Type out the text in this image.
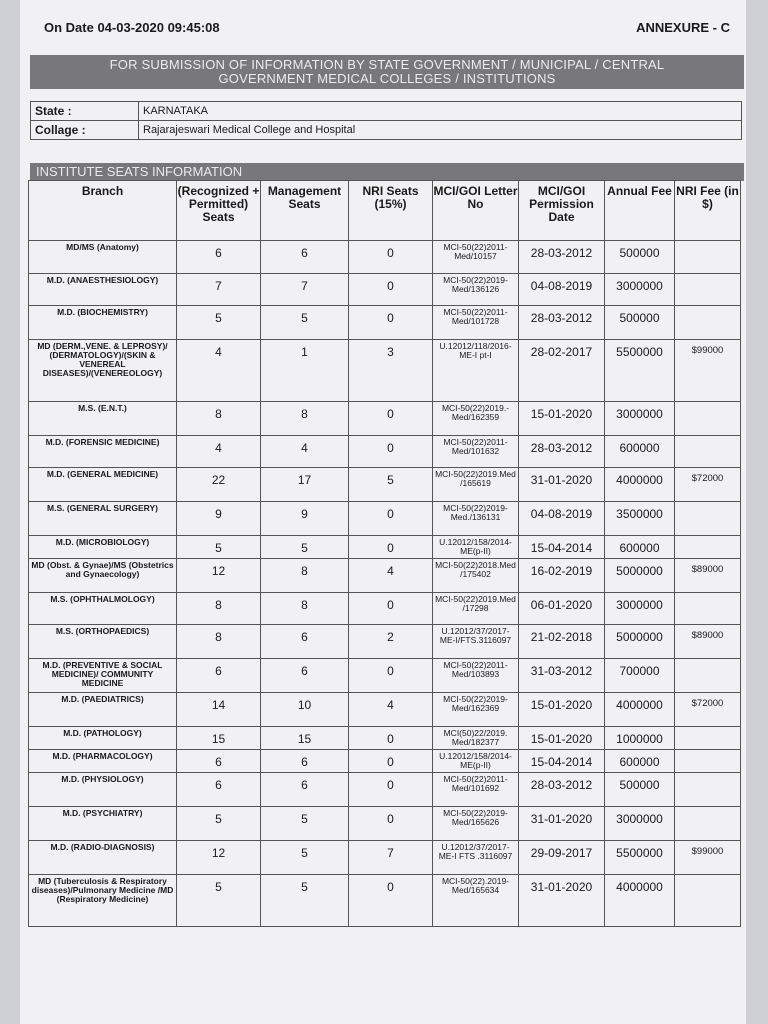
On Date 04-03-2020 09:45:08	ANNEXURE - C
FOR SUBMISSION OF INFORMATION BY STATE GOVERNMENT / MUNICIPAL / CENTRAL
GOVERNMENT MEDICAL COLLEGES / INSTITUTIONS
State :	KARNATAKA
Collage :	Rajarajeswari Medical College and Hospital
INSTITUTE SEATS INFORMATION
Branch	(Recognized + Permitted) Seats	Management Seats	NRI Seats (15%)	MCI/GOI Letter No	MCI/GOI Permission Date	Annual Fee	NRI Fee (in $)
MD/MS (Anatomy)	6	6	0	MCI-50(22)2011-Med/10157	28-03-2012	500000	
M.D. (ANAESTHESIOLOGY)	7	7	0	MCI-50(22)2019-Med/136126	04-08-2019	3000000	
M.D. (BIOCHEMISTRY)	5	5	0	MCI-50(22)2011-Med/101728	28-03-2012	500000	
MD (DERM.,VENE. & LEPROSY)/ (DERMATOLOGY)/(SKIN & VENEREAL DISEASES)/(VENEREOLOGY)	4	1	3	U.12012/118/2016-ME-I pt-I	28-02-2017	5500000	$99000
M.S. (E.N.T.)	8	8	0	MCI-50(22)2019.-Med/162359	15-01-2020	3000000	
M.D. (FORENSIC MEDICINE)	4	4	0	MCI-50(22)2011-Med/101632	28-03-2012	600000	
M.D. (GENERAL MEDICINE)	22	17	5	MCI-50(22)2019.Med /165619	31-01-2020	4000000	$72000
M.S. (GENERAL SURGERY)	9	9	0	MCI-50(22)2019-Med./136131	04-08-2019	3500000	
M.D. (MICROBIOLOGY)	5	5	0	U.12012/158/2014-ME(p-II)	15-04-2014	600000	
MD (Obst. & Gynae)/MS (Obstetrics and Gynaecology)	12	8	4	MCI-50(22)2018.Med /175402	16-02-2019	5000000	$89000
M.S. (OPHTHALMOLOGY)	8	8	0	MCI-50(22)2019.Med /17298	06-01-2020	3000000	
M.S. (ORTHOPAEDICS)	8	6	2	U.12012/37/2017-ME-I/FTS.3116097	21-02-2018	5000000	$89000
M.D. (PREVENTIVE & SOCIAL MEDICINE)/ COMMUNITY MEDICINE	6	6	0	MCI-50(22)2011-Med/103893	31-03-2012	700000	
M.D. (PAEDIATRICS)	14	10	4	MCI-50(22)2019-Med/162369	15-01-2020	4000000	$72000
M.D. (PATHOLOGY)	15	15	0	MCI(50)22/2019. Med/182377	15-01-2020	1000000	
M.D. (PHARMACOLOGY)	6	6	0	U.12012/158/2014-ME(p-II)	15-04-2014	600000	
M.D. (PHYSIOLOGY)	6	6	0	MCI-50(22)2011-Med/101692	28-03-2012	500000	
M.D. (PSYCHIATRY)	5	5	0	MCI-50(22)2019-Med/165626	31-01-2020	3000000	
M.D. (RADIO-DIAGNOSIS)	12	5	7	U.12012/37/2017-ME-I FTS .3116097	29-09-2017	5500000	$99000
MD (Tuberculosis & Respiratory diseases)/Pulmonary Medicine /MD (Respiratory Medicine)	5	5	0	MCI-50(22).2019-Med/165634	31-01-2020	4000000	
